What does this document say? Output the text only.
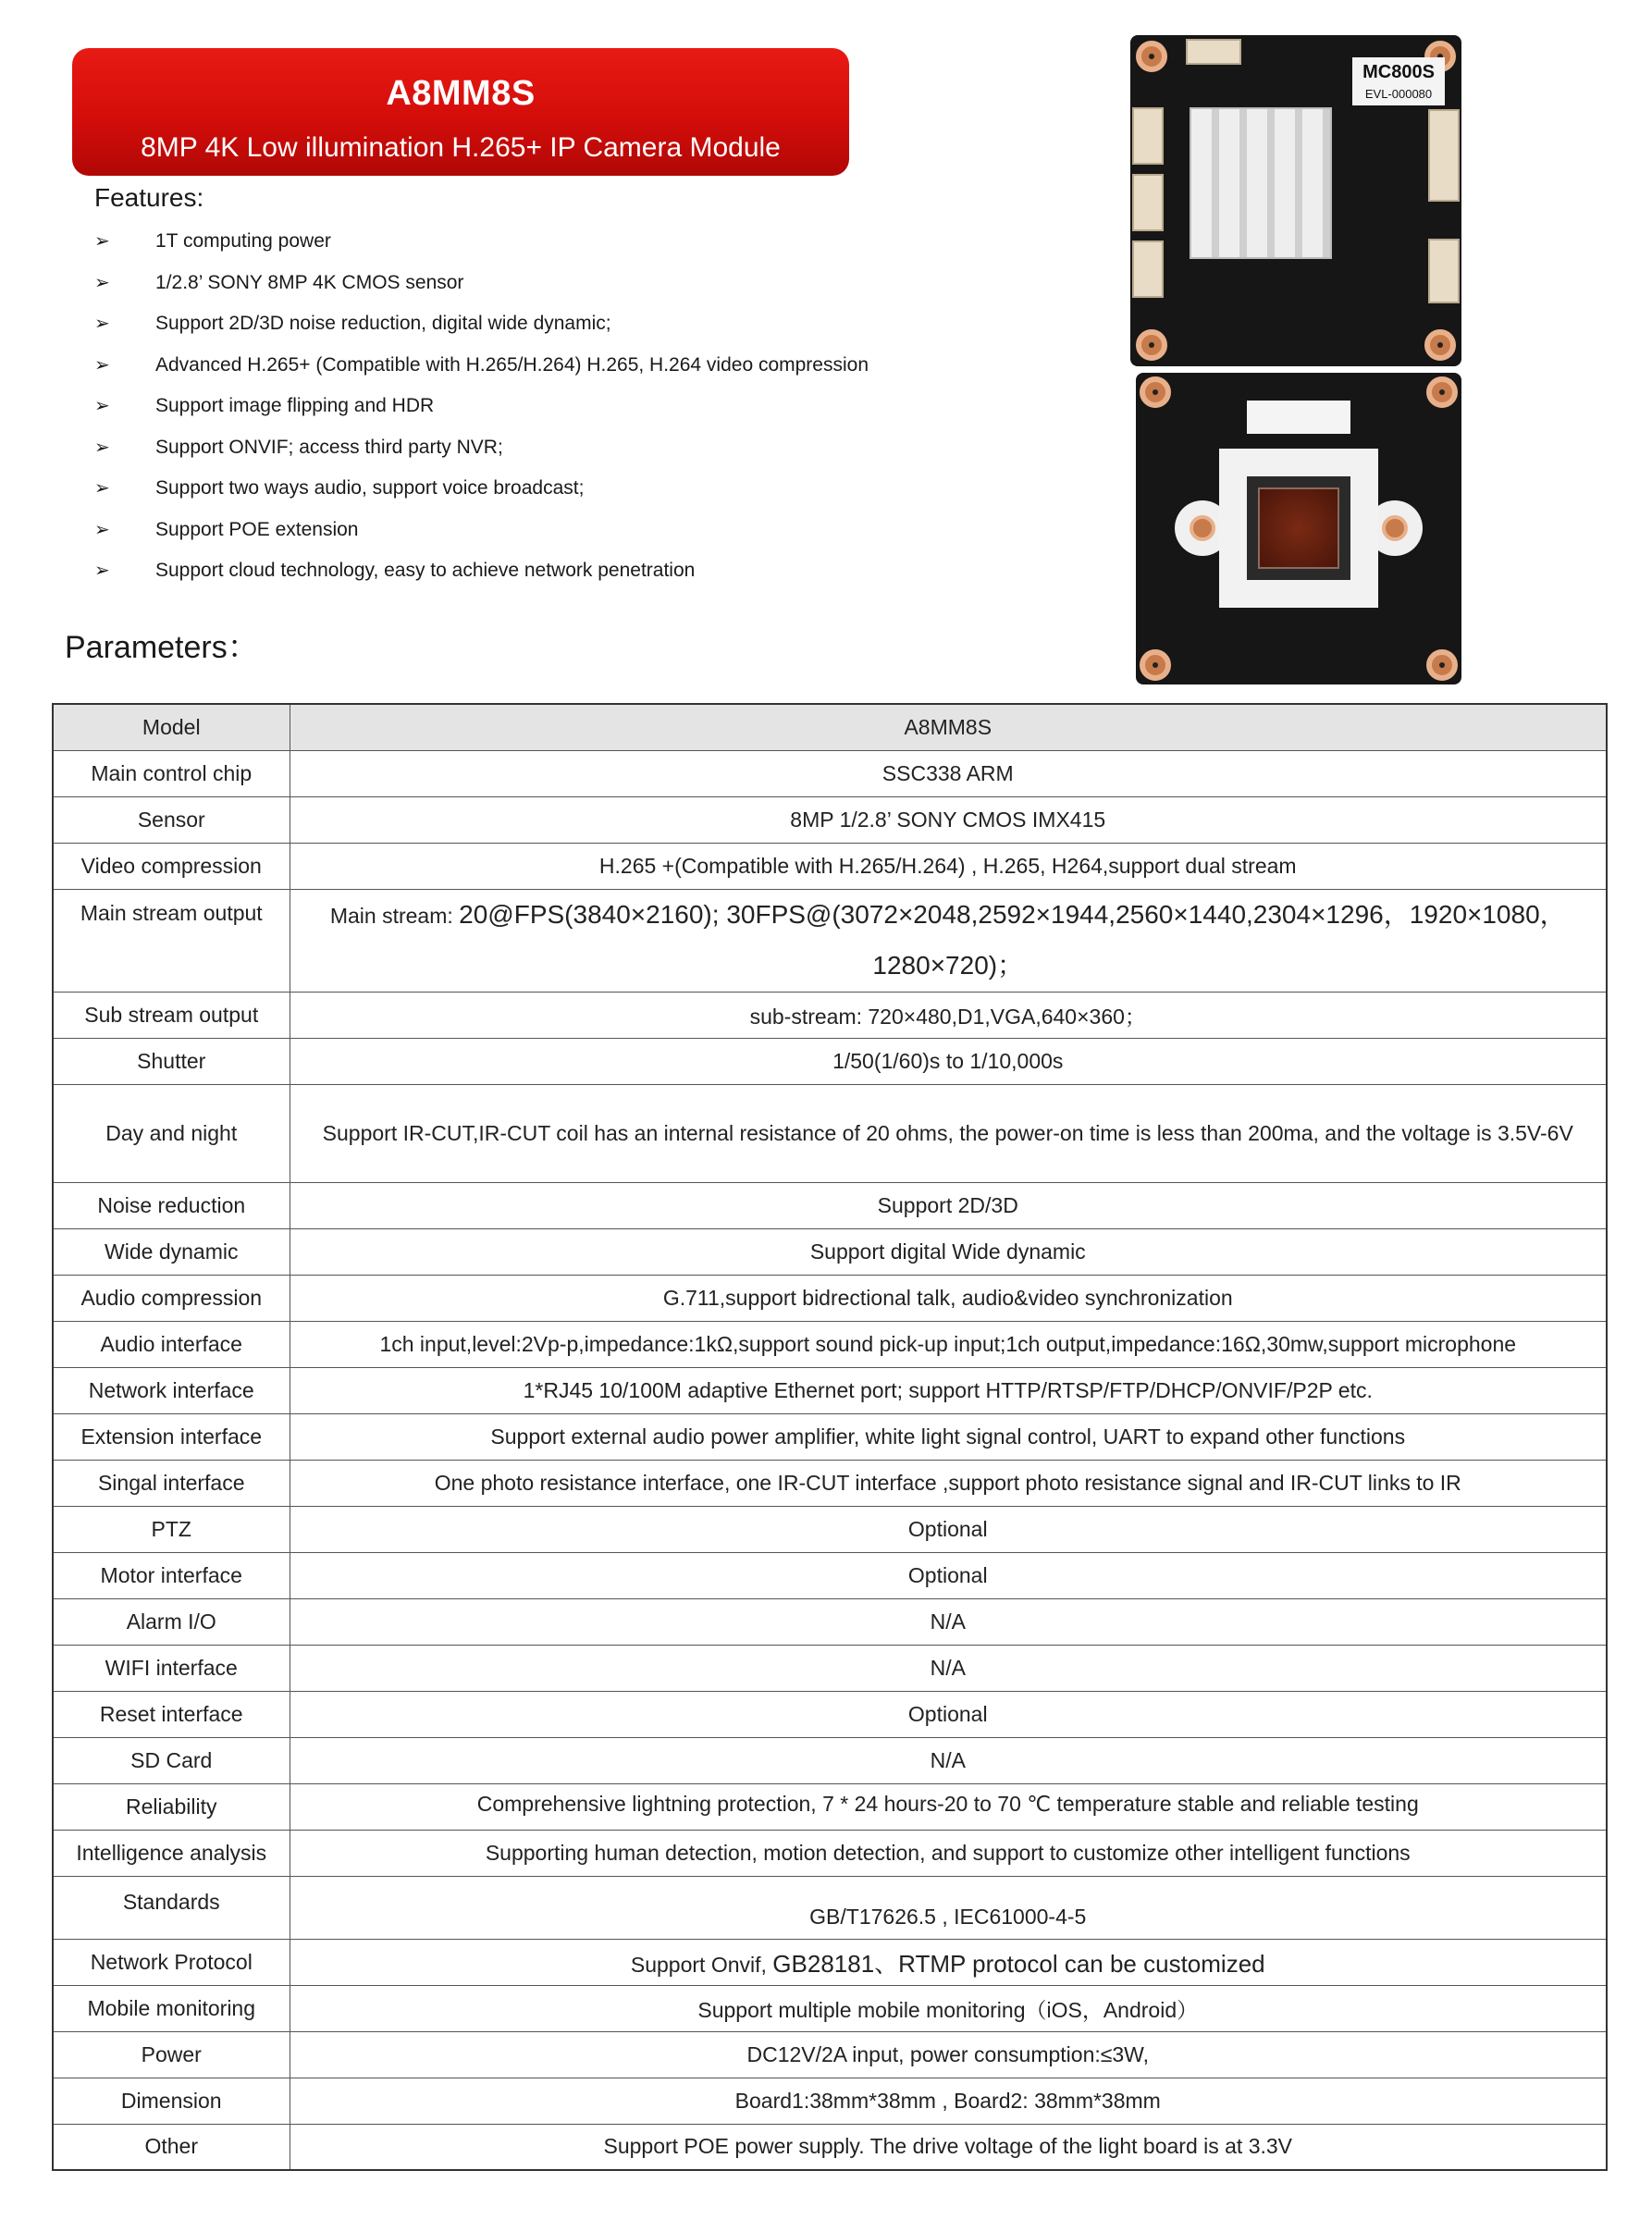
A8MM8S
8MP 4K Low illumination H.265+ IP Camera Module
Features:
➢ 1T computing power
➢ 1/2.8’ SONY 8MP 4K CMOS sensor
➢ Support 2D/3D noise reduction, digital wide dynamic;
➢ Advanced H.265+ (Compatible with H.265/H.264) H.265, H.264 video compression
➢ Support image flipping and HDR
➢ Support ONVIF; access third party NVR;
➢ Support two ways audio, support voice broadcast;
➢ Support POE extension
➢ Support cloud technology, easy to achieve network penetration
MC800S
EVL-000080
Parameters：
Model	A8MM8S
Main control chip	SSC338 ARM
Sensor	8MP 1/2.8’ SONY CMOS IMX415
Video compression	H.265 +(Compatible with H.265/H.264) , H.265, H264,support dual stream
Main stream output	Main stream: 20@FPS(3840×2160); 30FPS@(3072×2048,2592×1944,2560×1440,2304×1296，1920×1080，1280×720)；
Sub stream output	sub-stream: 720×480,D1,VGA,640×360；
Shutter	1/50(1/60)s to 1/10,000s
Day and night	Support IR-CUT,IR-CUT coil has an internal resistance of 20 ohms, the power-on time is less than 200ma, and the voltage is 3.5V-6V
Noise reduction	Support 2D/3D
Wide dynamic	Support digital Wide dynamic
Audio compression	G.711,support bidrectional talk, audio&video synchronization
Audio interface	1ch input,level:2Vp-p,impedance:1kΩ,support sound pick-up input;1ch output,impedance:16Ω,30mw,support microphone
Network interface	1*RJ45 10/100M adaptive Ethernet port; support HTTP/RTSP/FTP/DHCP/ONVIF/P2P etc.
Extension interface	Support external audio power amplifier, white light signal control, UART to expand other functions
Singal interface	One photo resistance interface, one IR-CUT interface ,support photo resistance signal and IR-CUT links to IR
PTZ	Optional
Motor interface	Optional
Alarm I/O	N/A
WIFI interface	N/A
Reset interface	Optional
SD Card	N/A
Reliability	Comprehensive lightning protection, 7 * 24 hours-20 to 70 ℃ temperature stable and reliable testing
Intelligence analysis	Supporting human detection, motion detection, and support to customize other intelligent functions
Standards	GB/T17626.5 , IEC61000-4-5
Network Protocol	Support Onvif, GB28181、RTMP protocol can be customized
Mobile monitoring	Support multiple mobile monitoring（iOS，Android）
Power	DC12V/2A input, power consumption:≤3W,
Dimension	Board1:38mm*38mm , Board2: 38mm*38mm
Other	Support POE power supply. The drive voltage of the light board is at 3.3V
